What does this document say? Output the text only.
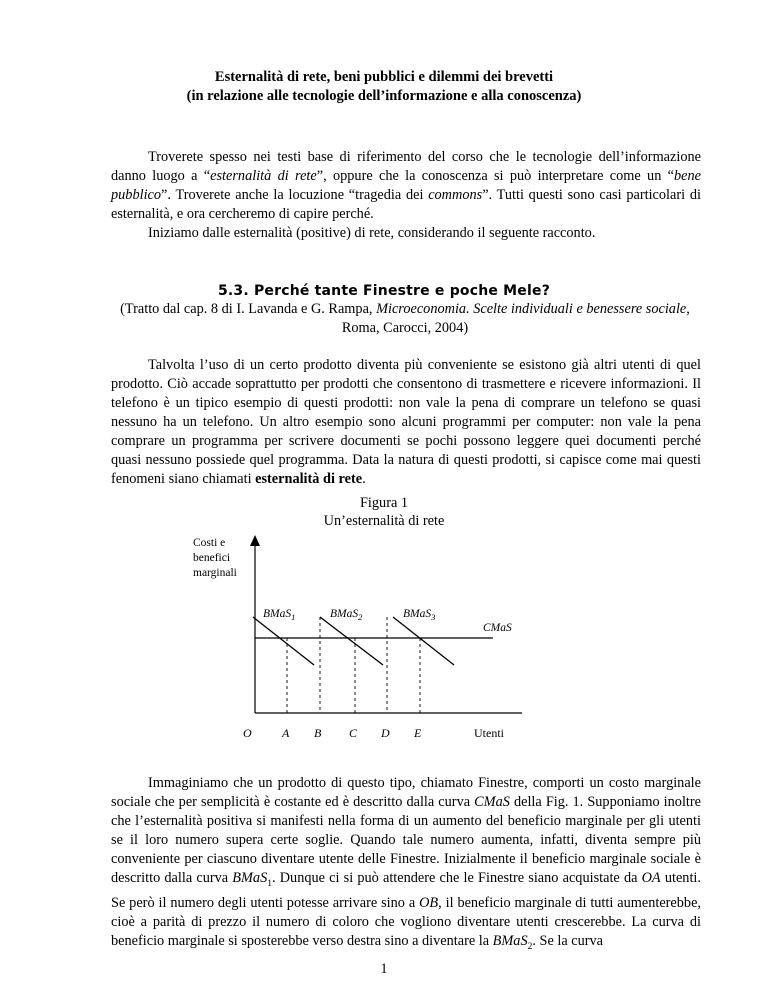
Esternalità di rete, beni pubblici e dilemmi dei brevetti
(in relazione alle tecnologie dell’informazione e alla conoscenza)
Troverete spesso nei testi base di riferimento del corso che le tecnologie dell’informazione danno luogo a “esternalità di rete”, oppure che la conoscenza si può interpretare come un “bene pubblico”. Troverete anche la locuzione “tragedia dei commons”. Tutti questi sono casi particolari di esternalità, e ora cercheremo di capire perché.
Iniziamo dalle esternalità (positive) di rete, considerando il seguente racconto.
5.3. Perché tante Finestre e poche Mele?
(Tratto dal cap. 8 di I. Lavanda e G. Rampa, Microeconomia. Scelte individuali e benessere sociale, Roma, Carocci, 2004)
Talvolta l’uso di un certo prodotto diventa più conveniente se esistono già altri utenti di quel prodotto. Ciò accade soprattutto per prodotti che consentono di trasmettere e ricevere informazioni. Il telefono è un tipico esempio di questi prodotti: non vale la pena di comprare un telefono se quasi nessuno ha un telefono. Un altro esempio sono alcuni programmi per computer: non vale la pena comprare un programma per scrivere documenti se pochi possono leggere quei documenti perché quasi nessuno possiede quel programma. Data la natura di questi prodotti, si capisce come mai questi fenomeni siano chiamati esternalità di rete.
Figura 1
Un’esternalità di rete
Costi e
benefici
marginali
CMaS
BMaS$_1$	BMaS$_2$	BMaS$_3$
O	A B C D E	Utenti
Immaginiamo che un prodotto di questo tipo, chiamato Finestre, comporti un costo marginale sociale che per semplicità è costante ed è descritto dalla curva CMaS della Fig. 1. Supponiamo inoltre che l’esternalità positiva si manifesti nella forma di un aumento del beneficio marginale per gli utenti se il loro numero supera certe soglie. Quando tale numero aumenta, infatti, diventa sempre più conveniente per ciascuno diventare utente delle Finestre. Inizialmente il beneficio marginale sociale è descritto dalla curva BMaS$_1$. Dunque ci si può attendere che le Finestre siano acquistate da OA utenti. Se però il numero degli utenti potesse arrivare sino a OB, il beneficio marginale di tutti aumenterebbe, cioè a parità di prezzo il numero di coloro che vogliono diventare utenti crescerebbe. La curva di beneficio marginale si sposterebbe verso destra sino a diventare la BMaS$_2$. Se la curva
1
